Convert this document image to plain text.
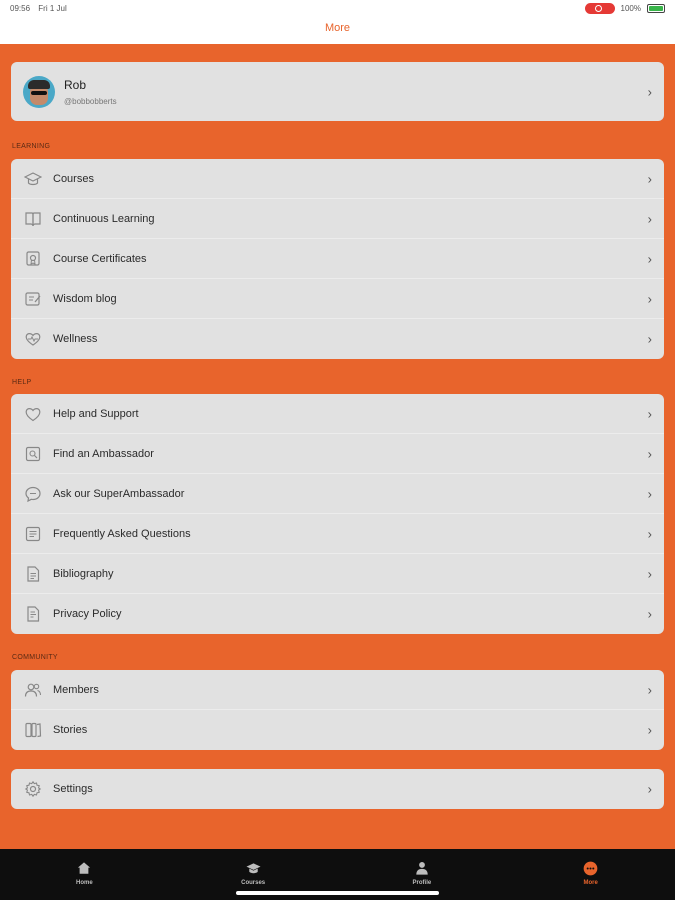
09:56 Fri 1 Jul	100%
More
Rob
@bobbobberts
›
LEARNING
Courses	›
Continuous Learning	›
Course Certificates	›
Wisdom blog	›
Wellness	›
HELP
Help and Support	›
Find an Ambassador	›
Ask our SuperAmbassador	›
Frequently Asked Questions	›
Bibliography	›
Privacy Policy	›
COMMUNITY
Members	›
Stories	›
Settings	›
Home	Courses	Profile	More
